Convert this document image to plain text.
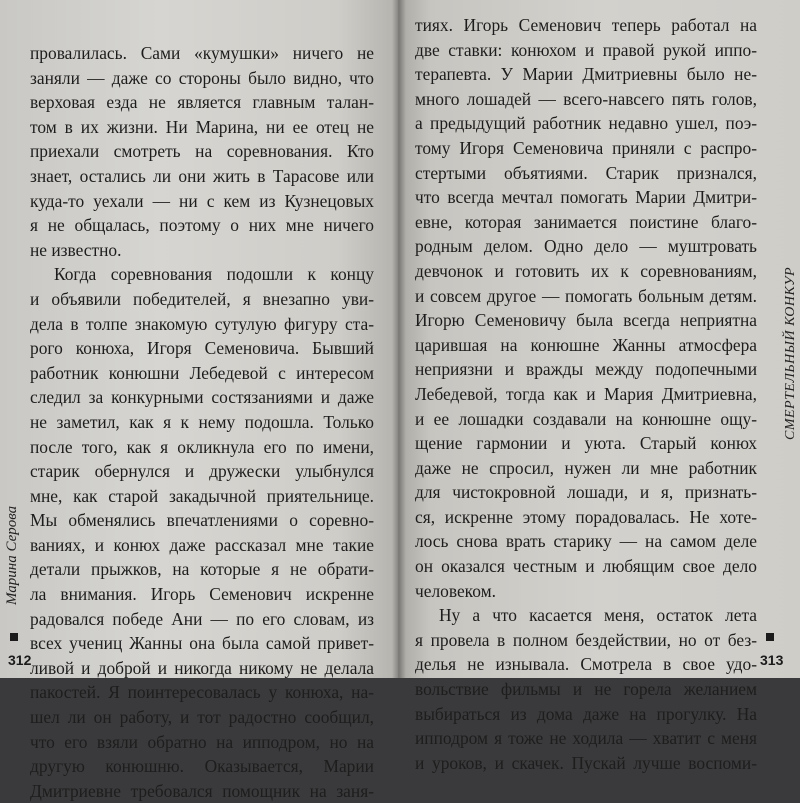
провалилась. Сами «кумушки» ничего не
заняли — даже со стороны было видно, что
верховая езда не является главным талан-
том в их жизни. Ни Марина, ни ее отец не
приехали смотреть на соревнования. Кто
знает, остались ли они жить в Тарасове или
куда-то уехали — ни с кем из Кузнецовых
я не общалась, поэтому о них мне ничего
не известно.
Когда соревнования подошли к концу
и объявили победителей, я внезапно уви-
дела в толпе знакомую сутулую фигуру ста-
рого конюха, Игоря Семеновича. Бывший
работник конюшни Лебедевой с интересом
следил за конкурными состязаниями и даже
не заметил, как я к нему подошла. Только
после того, как я окликнула его по имени,
старик обернулся и дружески улыбнулся
мне, как старой закадычной приятельнице.
Мы обменялись впечатлениями о соревно-
ваниях, и конюх даже рассказал мне такие
детали прыжков, на которые я не обрати-
ла внимания. Игорь Семенович искренне
радовался победе Ани — по его словам, из
всех учениц Жанны она была самой привет-
ливой и доброй и никогда никому не делала
пакостей. Я поинтересовалась у конюха, на-
шел ли он работу, и тот радостно сообщил,
что его взяли обратно на ипподром, но на
другую конюшню. Оказывается, Марии
Дмитриевне требовался помощник на заня-
Марина Серова
312
тиях. Игорь Семенович теперь работал на
две ставки: конюхом и правой рукой иппо-
терапевта. У Марии Дмитриевны было не-
много лошадей — всего-навсего пять голов,
а предыдущий работник недавно ушел, поэ-
тому Игоря Семеновича приняли с распро-
стертыми объятиями. Старик признался,
что всегда мечтал помогать Марии Дмитри-
евне, которая занимается поистине благо-
родным делом. Одно дело — муштровать
девчонок и готовить их к соревнованиям,
и совсем другое — помогать больным детям.
Игорю Семеновичу была всегда неприятна
царившая на конюшне Жанны атмосфера
неприязни и вражды между подопечными
Лебедевой, тогда как и Мария Дмитриевна,
и ее лошадки создавали на конюшне ощу-
щение гармонии и уюта. Старый конюх
даже не спросил, нужен ли мне работник
для чистокровной лошади, и я, признать-
ся, искренне этому порадовалась. Не хоте-
лось снова врать старику — на самом деле
он оказался честным и любящим свое дело
человеком.
Ну а что касается меня, остаток лета
я провела в полном бездействии, но от без-
делья не изнывала. Смотрела в свое удо-
вольствие фильмы и не горела желанием
выбираться из дома даже на прогулку. На
ипподром я тоже не ходила — хватит с меня
и уроков, и скачек. Пускай лучше воспоми-
СМЕРТЕЛЬНЫЙ КОНКУР
313
